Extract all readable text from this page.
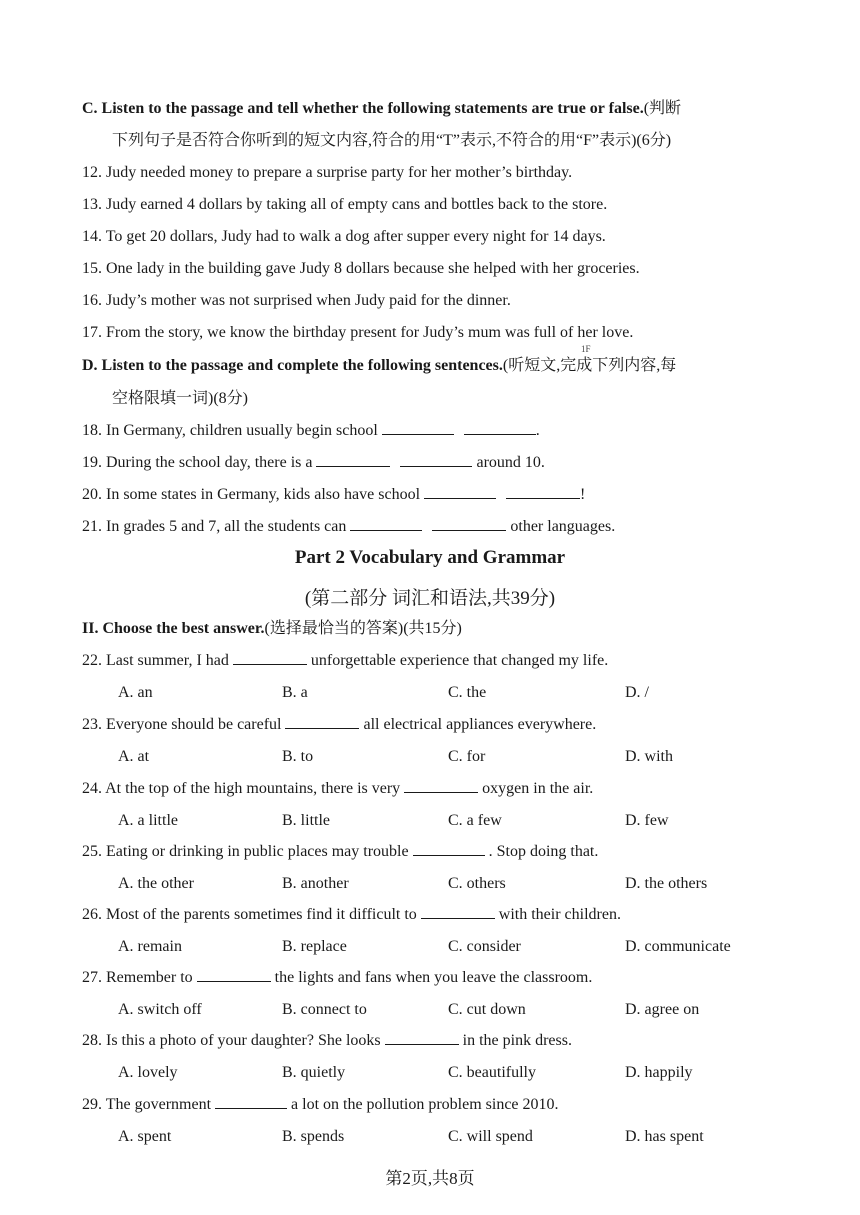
C. Listen to the passage and tell whether the following statements are true or false.(判断
下列句子是否符合你听到的短文内容,符合的用“T”表示,不符合的用“F”表示)(6分)
12. Judy needed money to prepare a surprise party for her mother’s birthday.
13. Judy earned 4 dollars by taking all of empty cans and bottles back to the store.
14. To get 20 dollars, Judy had to walk a dog after supper every night for 14 days.
15. One lady in the building gave Judy 8 dollars because she helped with her groceries.
16. Judy’s mother was not surprised when Judy paid for the dinner.
17. From the story, we know the birthday present for Judy’s mum was full of her love.
1F
D. Listen to the passage and complete the following sentences.(听短文,完成下列内容,每
空格限填一词)(8分)
18. In Germany, children usually begin school	.
19. During the school day, there is a	around 10.
20. In some states in Germany, kids also have school	!
21. In grades 5 and 7, all the students can	other languages.
Part 2 Vocabulary and Grammar
(第二部分 词汇和语法,共39分)
II. Choose the best answer.(选择最恰当的答案)(共15分)
22. Last summer, I had	unforgettable experience that changed my life.
A. an	B. a	C. the	D. /
23. Everyone should be careful	all electrical appliances everywhere.
A. at	B. to	C. for	D. with
24. At the top of the high mountains, there is very	oxygen in the air.
A. a little	B. little	C. a few	D. few
25. Eating or drinking in public places may trouble	. Stop doing that.
A. the other	B. another	C. others	D. the others
26. Most of the parents sometimes find it difficult to	with their children.
A. remain	B. replace	C. consider	D. communicate
27. Remember to	the lights and fans when you leave the classroom.
A. switch off	B. connect to	C. cut down	D. agree on
28. Is this a photo of your daughter? She looks	in the pink dress.
A. lovely	B. quietly	C. beautifully	D. happily
29. The government	a lot on the pollution problem since 2010.
A. spent	B. spends	C. will spend	D. has spent
第2页,共8页
